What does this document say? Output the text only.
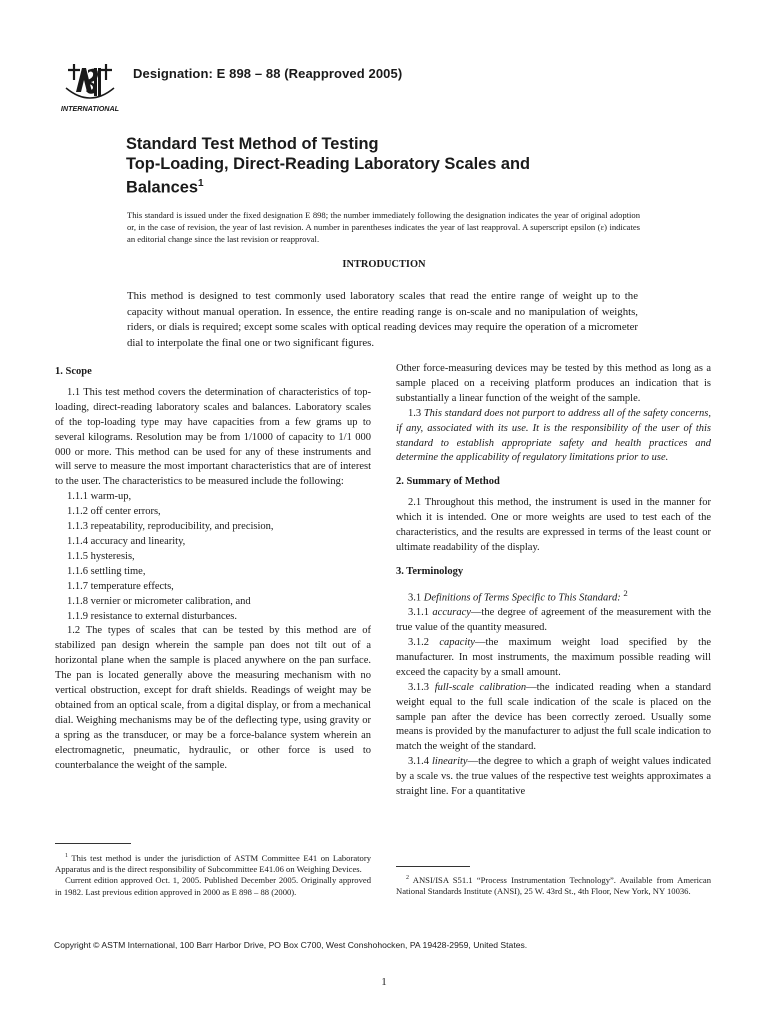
INTERNATIONAL
Designation: E 898 – 88 (Reapproved 2005)
Standard Test Method of Testing
Top-Loading, Direct-Reading Laboratory Scales and
Balances$^1$
This standard is issued under the fixed designation E 898; the number immediately following the designation indicates the year of original adoption or, in the case of revision, the year of last revision. A number in parentheses indicates the year of last reapproval. A superscript epsilon (ε) indicates an editorial change since the last revision or reapproval.
INTRODUCTION
This method is designed to test commonly used laboratory scales that read the entire range of weight up to the capacity without manual operation. In essence, the entire reading range is on-scale and no manipulation of weights, riders, or dials is required; except some scales with optical reading devices may require the operation of a micrometer dial to interpolate the final one or two significant figures.

1. Scope

1.1 This test method covers the determination of characteristics of top-loading, direct-reading laboratory scales and balances. Laboratory scales of the top-loading type may have capacities from a few grams up to several kilograms. Resolution may be from 1/1000 of capacity to 1/1 000 000 or more. This method can be used for any of these instruments and will serve to measure the most important characteristics that are of interest to the user. The characteristics to be measured include the following:

1.1.1 warm-up,

1.1.2 off center errors,

1.1.3 repeatability, reproducibility, and precision,

1.1.4 accuracy and linearity,

1.1.5 hysteresis,

1.1.6 settling time,

1.1.7 temperature effects,

1.1.8 vernier or micrometer calibration, and

1.1.9 resistance to external disturbances.

1.2 The types of scales that can be tested by this method are of stabilized pan design wherein the sample pan does not tilt out of a horizontal plane when the sample is placed anywhere on the pan surface. The pan is located generally above the measuring mechanism with no vertical obstruction, except for draft shields. Readings of weight may be obtained from an optical scale, from a digital display, or from a mechanical dial. Weighing mechanisms may be of the deflecting type, using gravity or a spring as the transducer, or may be a force-balance system wherein an electromagnetic, pneumatic, hydraulic, or other force is used to counterbalance the weight of the sample.

Other force-measuring devices may be tested by this method as long as a sample placed on a receiving platform produces an indication that is substantially a linear function of the weight of the sample.

1.3 This standard does not purport to address all of the safety concerns, if any, associated with its use. It is the responsibility of the user of this standard to establish appropriate safety and health practices and determine the applicability of regulatory limitations prior to use.

2. Summary of Method

2.1 Throughout this method, the instrument is used in the manner for which it is intended. One or more weights are used to test each of the characteristics, and the results are expressed in terms of the least count or ultimate readability of the display.

3. Terminology

3.1 Definitions of Terms Specific to This Standard: $^2$

3.1.1 accuracy—the degree of agreement of the measurement with the true value of the quantity measured.

3.1.2 capacity—the maximum weight load specified by the manufacturer. In most instruments, the maximum possible reading will exceed the capacity by a small amount.

3.1.3 full-scale calibration—the indicated reading when a standard weight equal to the full scale indication of the scale is placed on the sample pan after the device has been correctly zeroed. Usually some means is provided by the manufacturer to adjust the full scale indication to match the weight of the standard.

3.1.4 linearity—the degree to which a graph of weight values indicated by a scale vs. the true values of the respective test weights approximates a straight line. For a quantitative

$^1$ This test method is under the jurisdiction of ASTM Committee E41 on Laboratory Apparatus and is the direct responsibility of Subcommittee E41.06 on Weighing Devices.

Current edition approved Oct. 1, 2005. Published December 2005. Originally approved in 1982. Last previous edition approved in 2000 as E 898 – 88 (2000).

$^2$ ANSI/ISA S51.1 “Process Instrumentation Technology”. Available from American National Standards Institute (ANSI), 25 W. 43rd St., 4th Floor, New York, NY 10036.

Copyright © ASTM International, 100 Barr Harbor Drive, PO Box C700, West Conshohocken, PA 19428-2959, United States.
1
